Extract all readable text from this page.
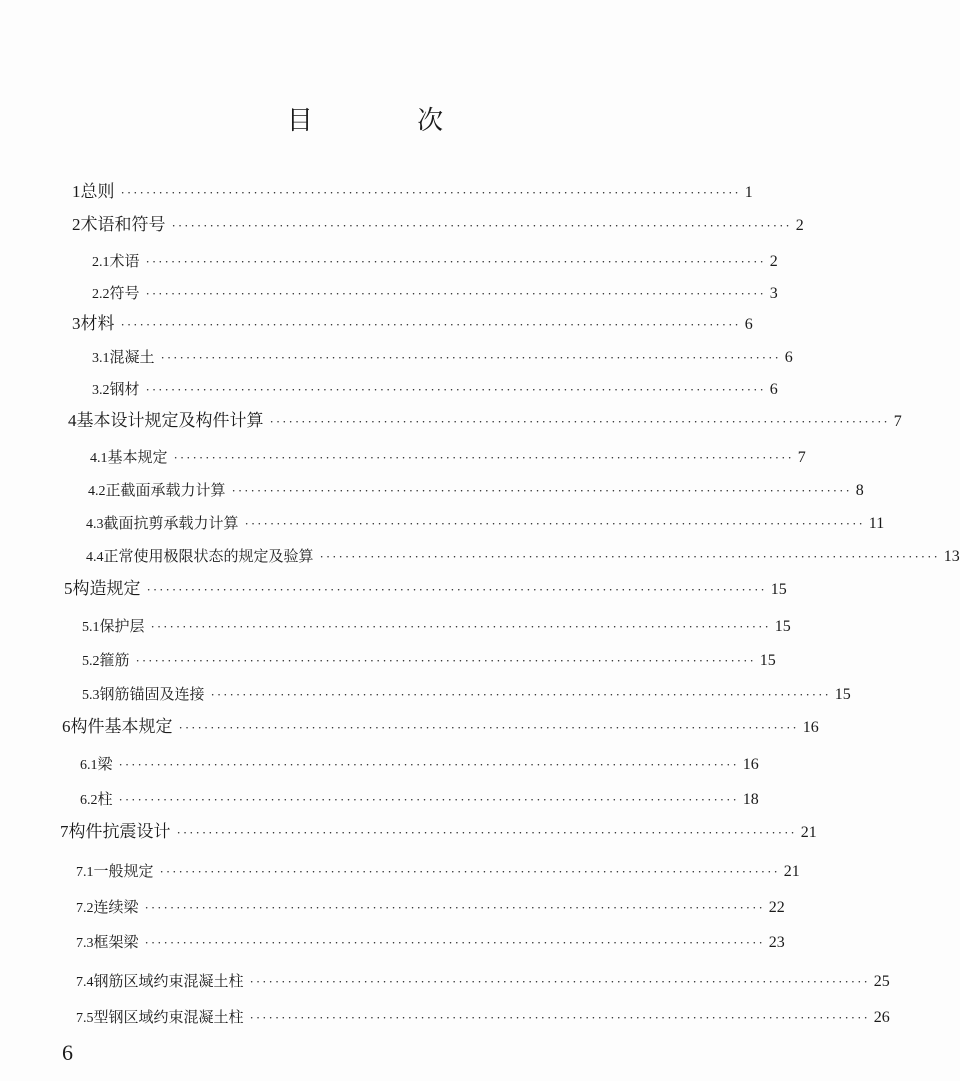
目 次
1 总则 ·································································································· 1
2 术语和符号 ·································································································· 2
2.1 术语 ·································································································· 2
2.2 符号 ·································································································· 3
3 材料 ·································································································· 6
3.1 混凝土 ·································································································· 6
3.2 钢材 ·································································································· 6
4 基本设计规定及构件计算 ·································································································· 7
4.1 基本规定 ·································································································· 7
4.2 正截面承载力计算 ·································································································· 8
4.3 截面抗剪承载力计算 ·································································································· 11
4.4 正常使用极限状态的规定及验算 ·································································································· 13
5 构造规定 ·································································································· 15
5.1 保护层 ·································································································· 15
5.2 箍筋 ·································································································· 15
5.3 钢筋锚固及连接 ·································································································· 15
6 构件基本规定 ·································································································· 16
6.1 梁 ·································································································· 16
6.2 柱 ·································································································· 18
7 构件抗震设计 ·································································································· 21
7.1 一般规定 ·································································································· 21
7.2 连续梁 ·································································································· 22
7.3 框架梁 ·································································································· 23
7.4 钢筋区域约束混凝土柱 ·································································································· 25
7.5 型钢区域约束混凝土柱 ·································································································· 26
6
